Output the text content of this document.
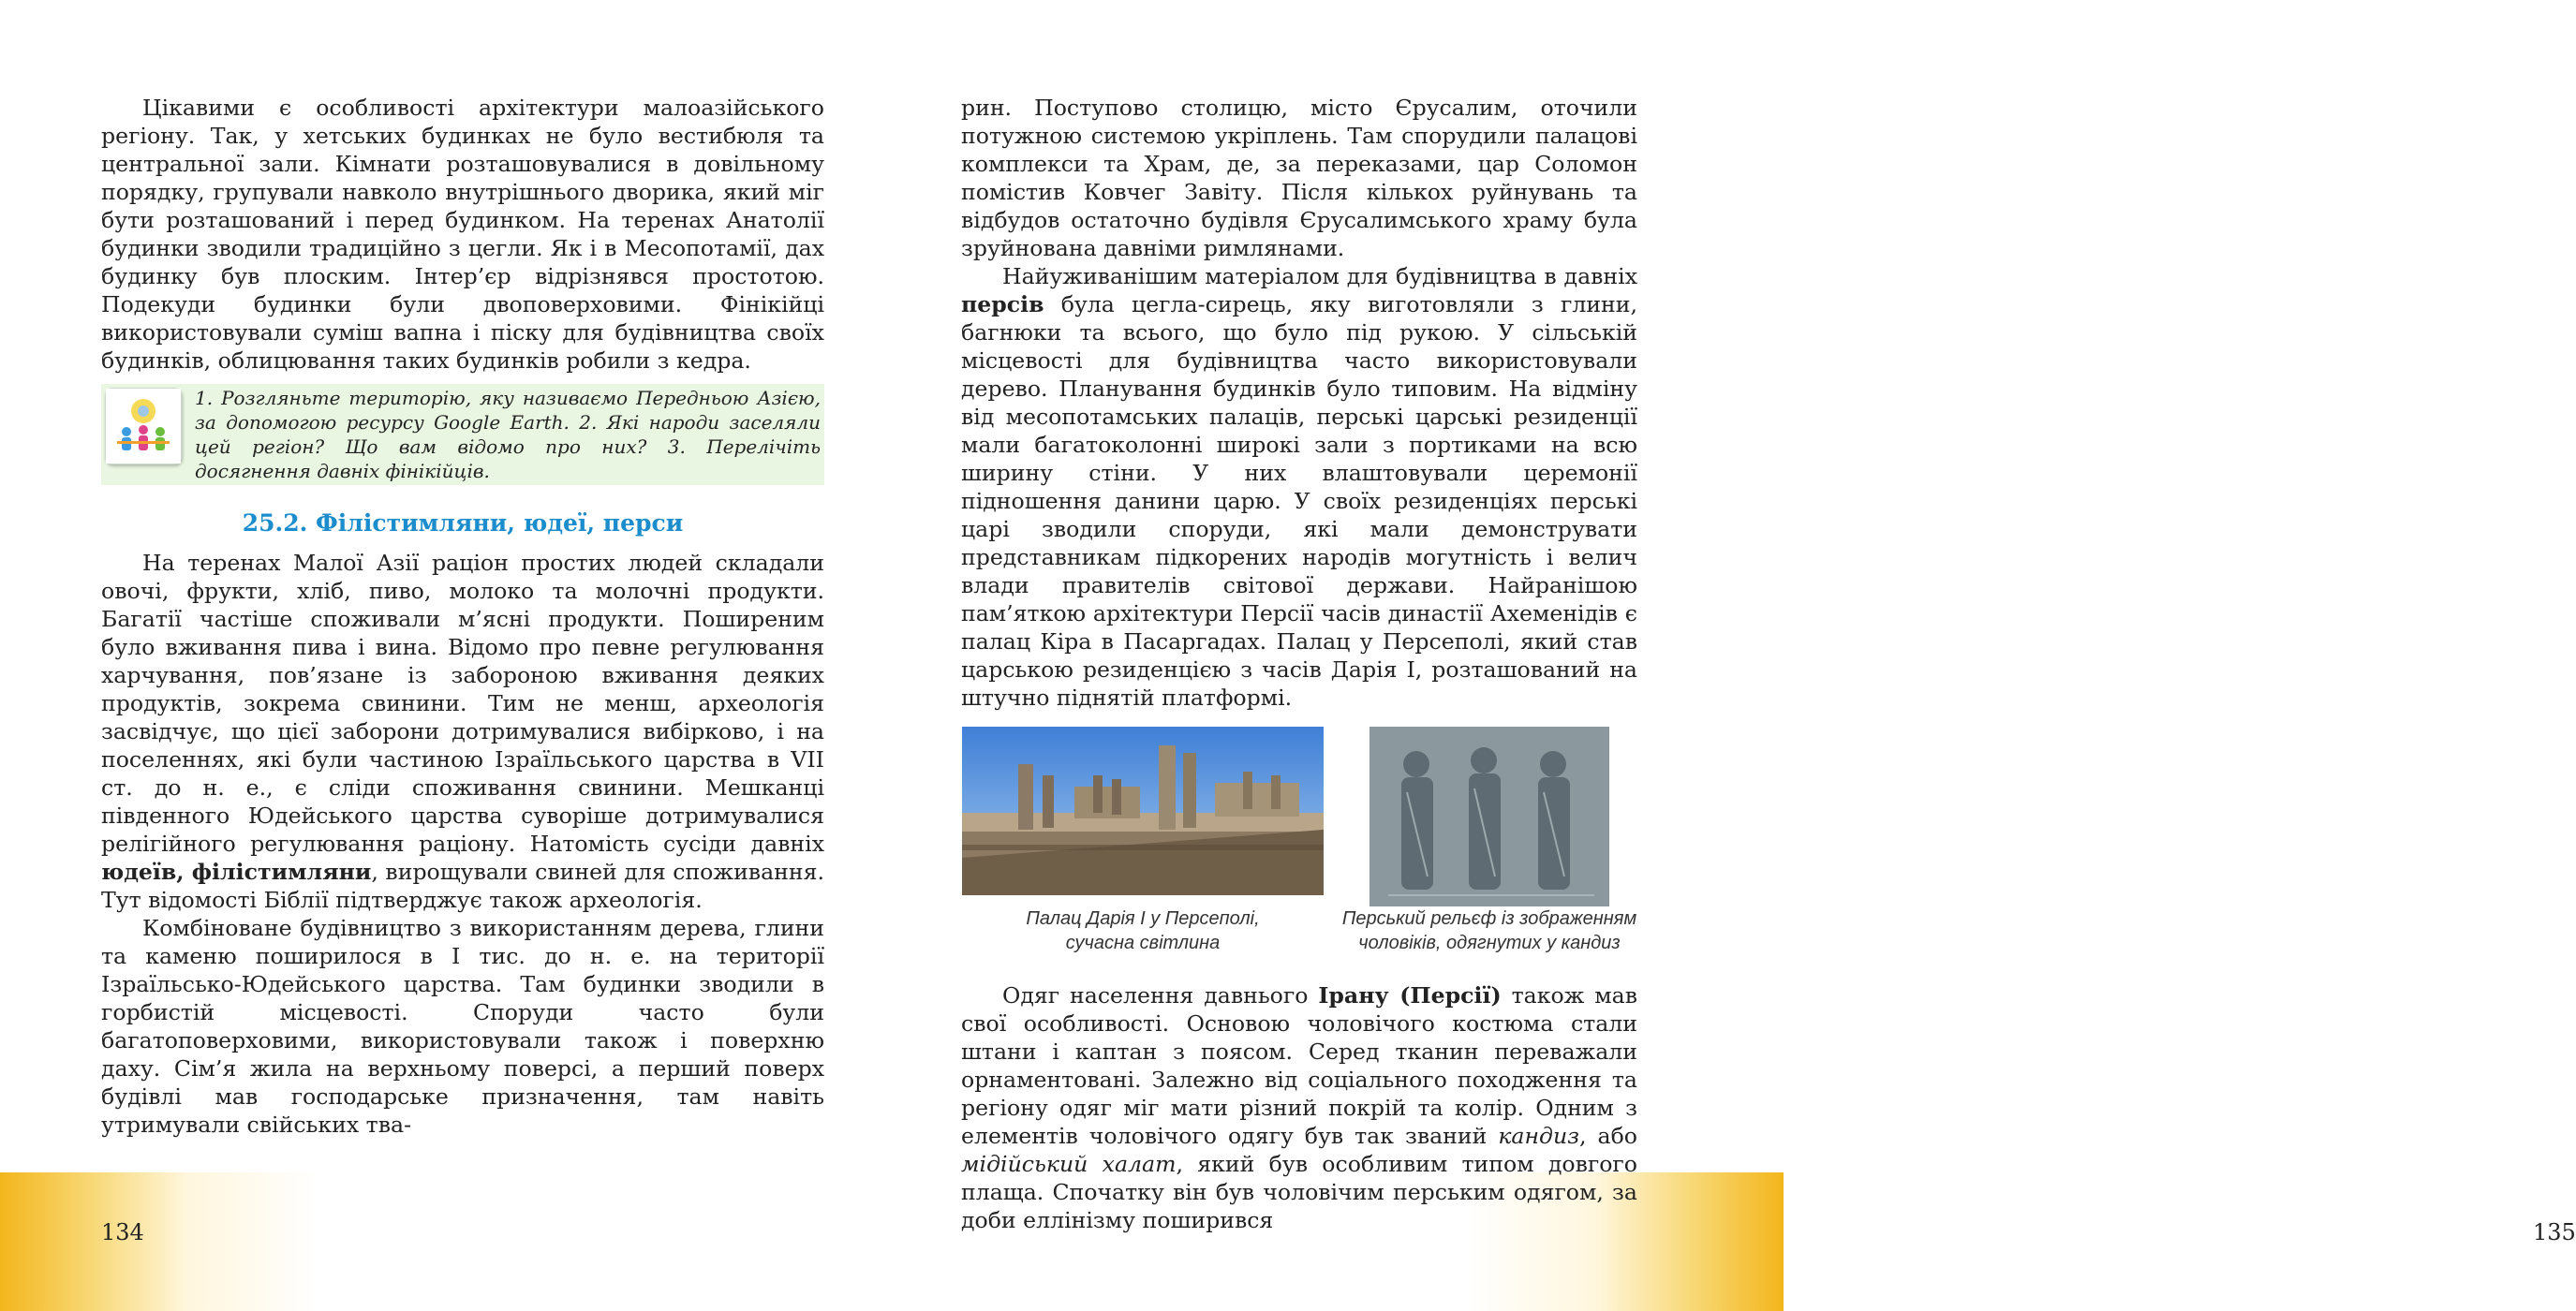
Цікавими є особливості архітектури малоазійського регіону. Так, у хетських будинках не було вестибюля та центральної зали. Кімнати розташовувалися в довільному порядку, групували навколо внутрішнього дворика, який міг бути розташований і перед будинком. На теренах Анатолії будинки зводили традиційно з цегли. Як і в Месопотамії, дах будинку був плоским. Інтер’єр відрізнявся простотою. Подекуди будинки були двоповерховими. Фінікійці використовували суміш вапна і піску для будівництва своїх будинків, облицювання таких будинків робили з кедра.

1. Розгляньте територію, яку називаємо Передньою Азією, за допомогою ресурсу Google Earth. 2. Які народи заселяли цей регіон? Що вам відомо про них? 3. Перелічіть досягнення давніх фінікійців.
25.2. Філістимляни, юдеї, перси

На теренах Малої Азії раціон простих людей складали овочі, фрукти, хліб, пиво, молоко та молочні продукти. Багатії частіше споживали м’ясні продукти. Поширеним було вживання пива і вина. Відомо про певне регулювання харчування, пов’язане із забороною вживання деяких продуктів, зокрема свинини. Тим не менш, археологія засвідчує, що цієї заборони дотримувалися вибірково, і на поселеннях, які були частиною Ізраїльського царства в VII ст. до н. е., є сліди споживання свинини. Мешканці південного Юдейського царства суворіше дотримувалися релігійного регулювання раціону. Натомість сусіди давніх юдеїв, філістимляни, вирощували свиней для споживання. Тут відомості Біблії підтверджує також археологія.

Комбіноване будівництво з використанням дерева, глини та каменю поширилося в І тис. до н. е. на території Ізраїльсько-Юдейського царства. Там будинки зводили в горбистій місцевості. Споруди часто були багатоповерховими, використовували також і поверхню даху. Сім’я жила на верхньому поверсі, а перший поверх будівлі мав господарське призначення, там навіть утримували свійських тва-

134

рин. Поступово столицю, місто Єрусалим, оточили потужною системою укріплень. Там спорудили палацові комплекси та Храм, де, за переказами, цар Соломон помістив Ковчег Завіту. Після кількох руйнувань та відбудов остаточно будівля Єрусалимського храму була зруйнована давніми римлянами.

Найуживанішим матеріалом для будівництва в давніх персів була цегла-сирець, яку виготовляли з глини, багнюки та всього, що було під рукою. У сільській місцевості для будівництва часто використовували дерево. Планування будинків було типовим. На відміну від месопотамських палаців, перські царські резиденції мали багатоколонні широкі зали з портиками на всю ширину стіни. У них влаштовували церемонії підношення данини царю. У своїх резиденціях перські царі зводили споруди, які мали демонструвати представникам підкорених народів могутність і велич влади правителів світової держави. Найранішою пам’яткою архітектури Персії часів династії Ахеменідів є палац Кіра в Пасаргадах. Палац у Персеполі, який став царською резиденцією з часів Дарія І, розташований на штучно піднятій платформі.

Палац Дарія І у Персеполі,
сучасна світлина
Перський рельєф із зображенням
чоловіків, одягнутих у кандиз

Одяг населення давнього Ірану (Персії) також мав свої особливості. Основою чоловічого костюма стали штани і каптан з поясом. Серед тканин переважали орнаментовані. Залежно від соціального походження та регіону одяг міг мати різний покрій та колір. Одним з елементів чоловічого одягу був так званий кандиз, або мідійський халат, який був особливим типом довгого плаща. Спочатку він був чоловічим перським одягом, за доби еллінізму поширився	135
